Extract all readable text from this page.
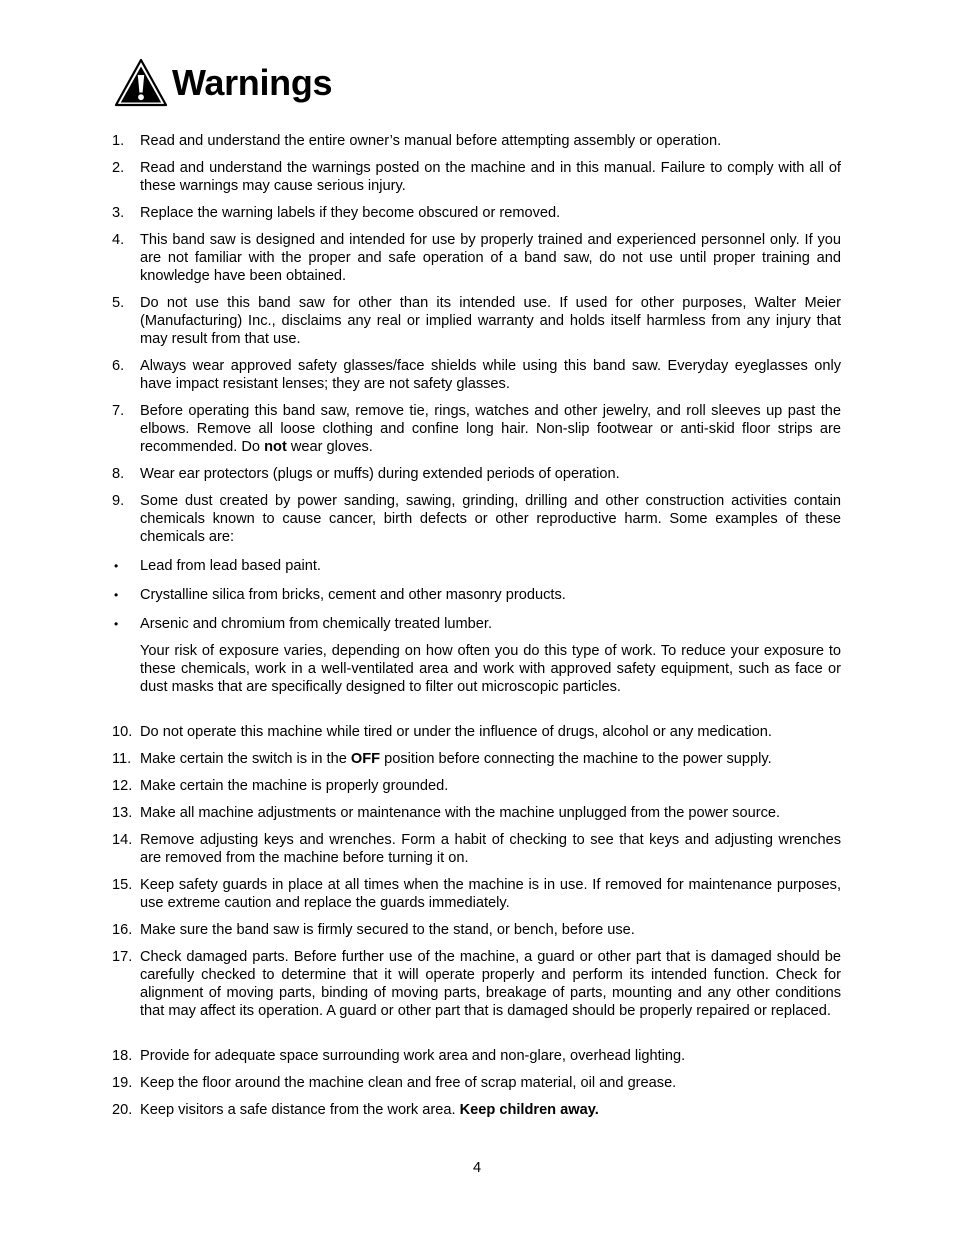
Warnings
1.	Read and understand the entire owner’s manual before attempting assembly or operation.
2.	Read and understand the warnings posted on the machine and in this manual. Failure to comply with all of these warnings may cause serious injury.
3.	Replace the warning labels if they become obscured or removed.
4.	This band saw is designed and intended for use by properly trained and experienced personnel only. If you are not familiar with the proper and safe operation of a band saw, do not use until proper training and knowledge have been obtained.
5.	Do not use this band saw for other than its intended use. If used for other purposes, Walter Meier (Manufacturing) Inc., disclaims any real or implied warranty and holds itself harmless from any injury that may result from that use.
6.	Always wear approved safety glasses/face shields while using this band saw. Everyday eyeglasses only have impact resistant lenses; they are not safety glasses.
7.	Before operating this band saw, remove tie, rings, watches and other jewelry, and roll sleeves up past the elbows. Remove all loose clothing and confine long hair. Non-slip footwear or anti-skid floor strips are recommended. Do not wear gloves.
8.	Wear ear protectors (plugs or muffs) during extended periods of operation.
9.	Some dust created by power sanding, sawing, grinding, drilling and other construction activities contain chemicals known to cause cancer, birth defects or other reproductive harm. Some examples of these chemicals are:
•	Lead from lead based paint.
•	Crystalline silica from bricks, cement and other masonry products.
•	Arsenic and chromium from chemically treated lumber.
Your risk of exposure varies, depending on how often you do this type of work. To reduce your exposure to these chemicals, work in a well-ventilated area and work with approved safety equipment, such as face or dust masks that are specifically designed to filter out microscopic particles.
10. Do not operate this machine while tired or under the influence of drugs, alcohol or any medication.
11. Make certain the switch is in the OFF position before connecting the machine to the power supply.
12. Make certain the machine is properly grounded.
13. Make all machine adjustments or maintenance with the machine unplugged from the power source.
14. Remove adjusting keys and wrenches. Form a habit of checking to see that keys and adjusting wrenches are removed from the machine before turning it on.
15. Keep safety guards in place at all times when the machine is in use. If removed for maintenance purposes, use extreme caution and replace the guards immediately.
16. Make sure the band saw is firmly secured to the stand, or bench, before use.
17. Check damaged parts. Before further use of the machine, a guard or other part that is damaged should be carefully checked to determine that it will operate properly and perform its intended function. Check for alignment of moving parts, binding of moving parts, breakage of parts, mounting and any other conditions that may affect its operation. A guard or other part that is damaged should be properly repaired or replaced.
18. Provide for adequate space surrounding work area and non-glare, overhead lighting.
19. Keep the floor around the machine clean and free of scrap material, oil and grease.
20. Keep visitors a safe distance from the work area. Keep children away.
4
